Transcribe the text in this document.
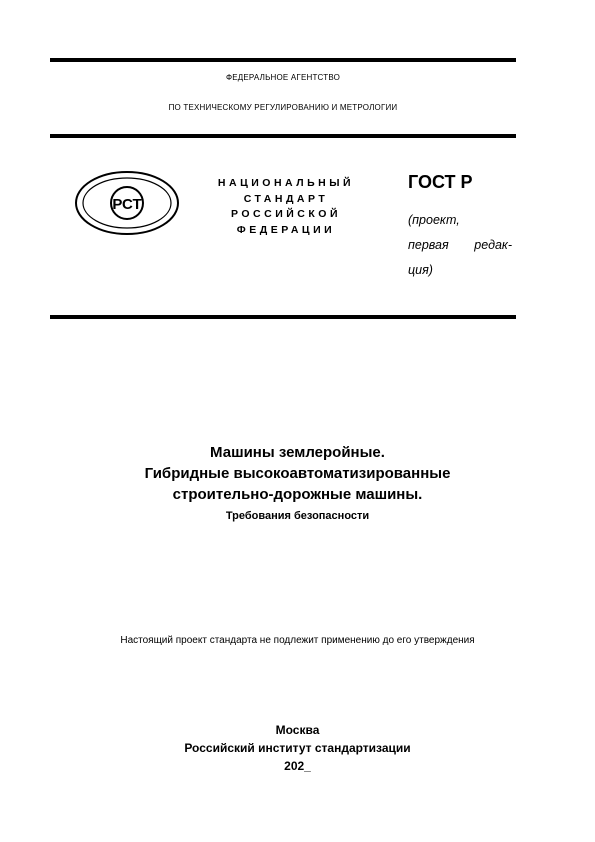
ФЕДЕРАЛЬНОЕ АГЕНТСТВО
ПО ТЕХНИЧЕСКОМУ РЕГУЛИРОВАНИЮ И МЕТРОЛОГИИ
РСТ
НАЦИОНАЛЬНЫЙ
СТАНДАРТ
РОССИЙСКОЙ
ФЕДЕРАЦИИ
ГОСТ Р
(проект,
первая редак-
ция)
Машины землеройные.
Гибридные высокоавтоматизированные
строительно-дорожные машины.
Требования безопасности
Настоящий проект стандарта не подлежит применению до его утверждения
Москва
Российский институт стандартизации
202_
